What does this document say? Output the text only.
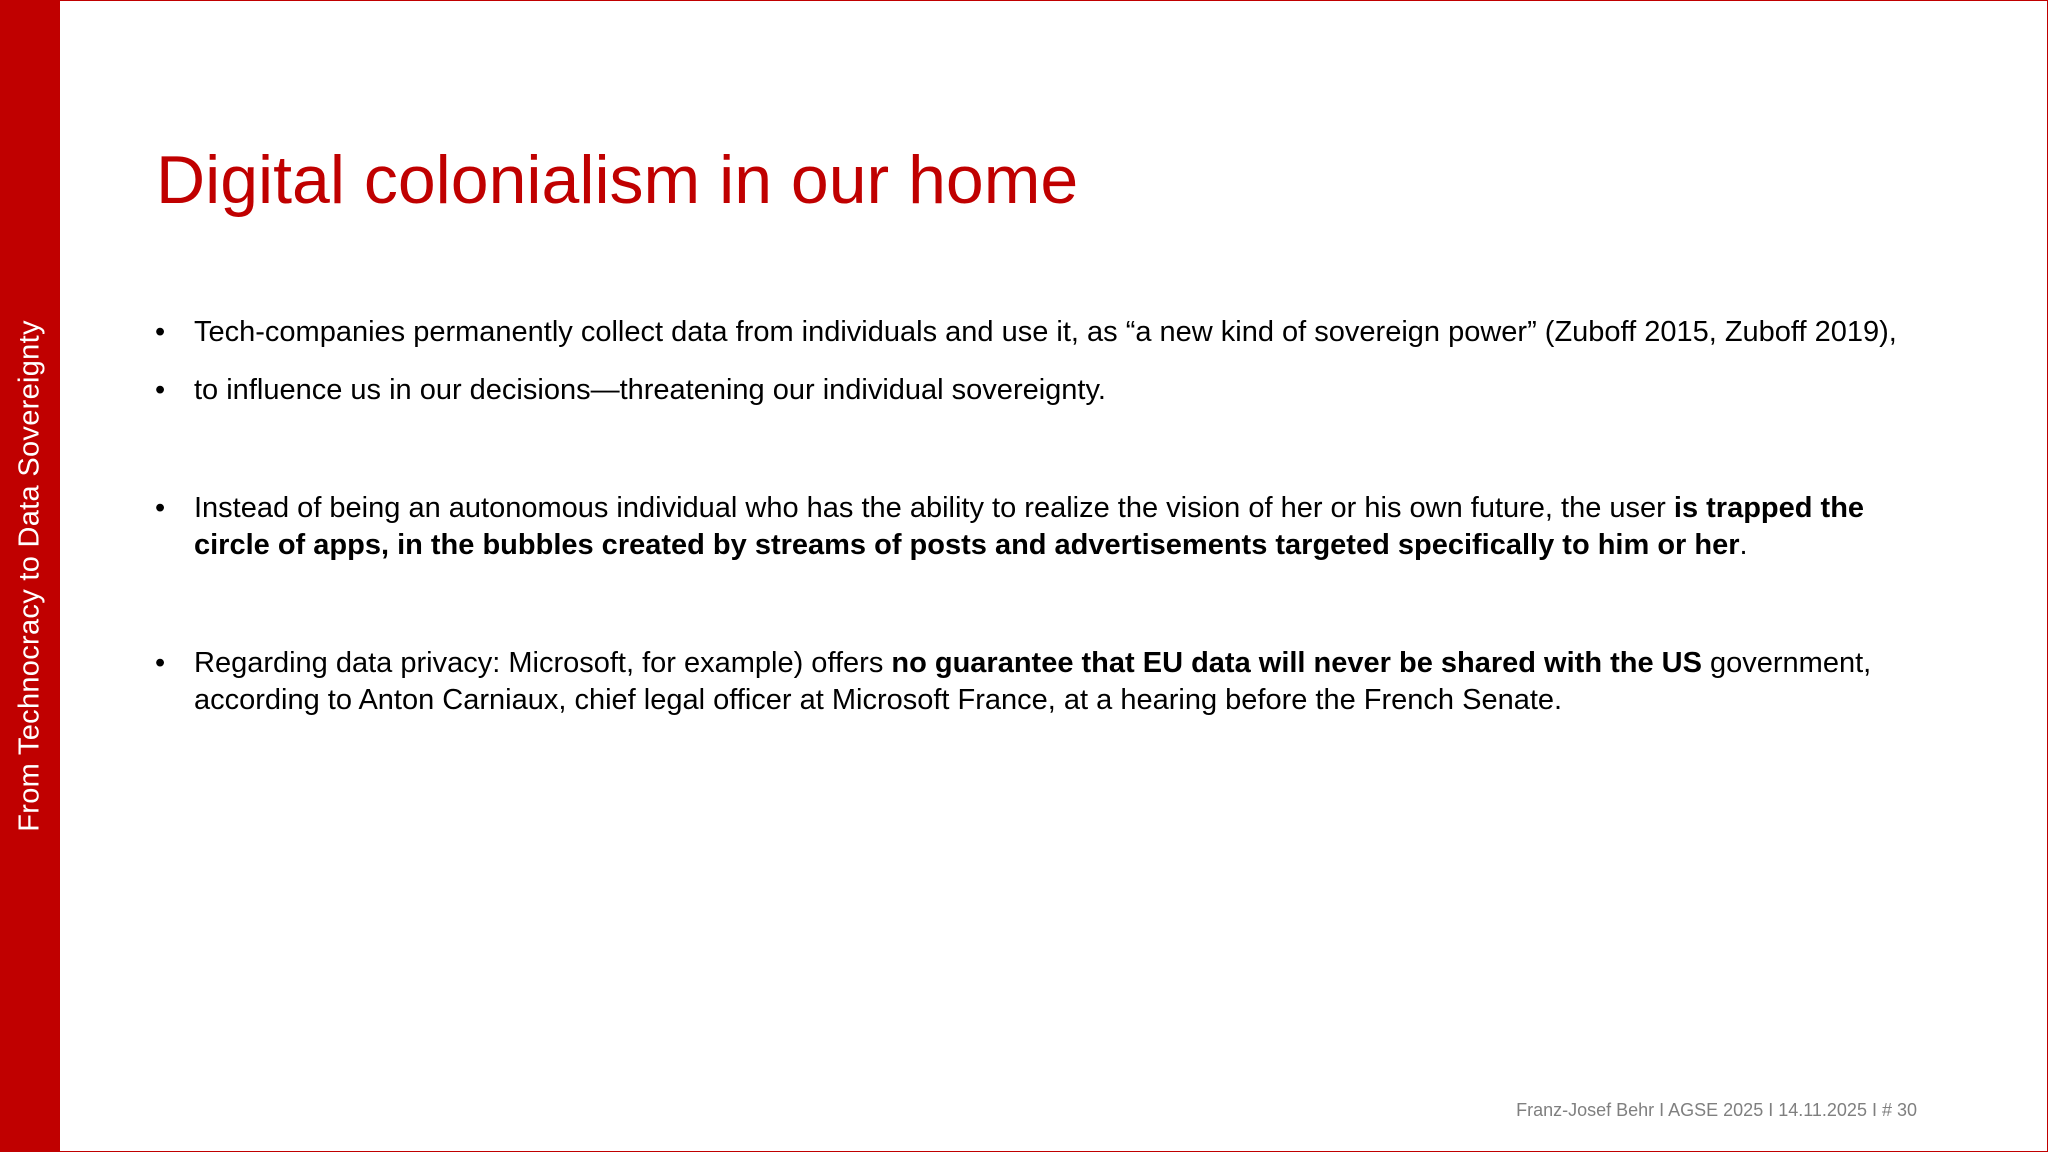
From Technocracy to Data Sovereignty
Digital colonialism in our home
• Tech-companies permanently collect data from individuals and use it, as “a new kind of sovereign power” (Zuboff 2015, Zuboff 2019),
• to influence us in our decisions—threatening our individual sovereignty.
• Instead of being an autonomous individual who has the ability to realize the vision of her or his own future, the user is trapped the circle of apps, in the bubbles created by streams of posts and advertisements targeted specifically to him or her.
• Regarding data privacy: Microsoft, for example) offers no guarantee that EU data will never be shared with the US government, according to Anton Carniaux, chief legal officer at Microsoft France, at a hearing before the French Senate.
Franz-Josef Behr I AGSE 2025 I 14.11.2025 I # 30
